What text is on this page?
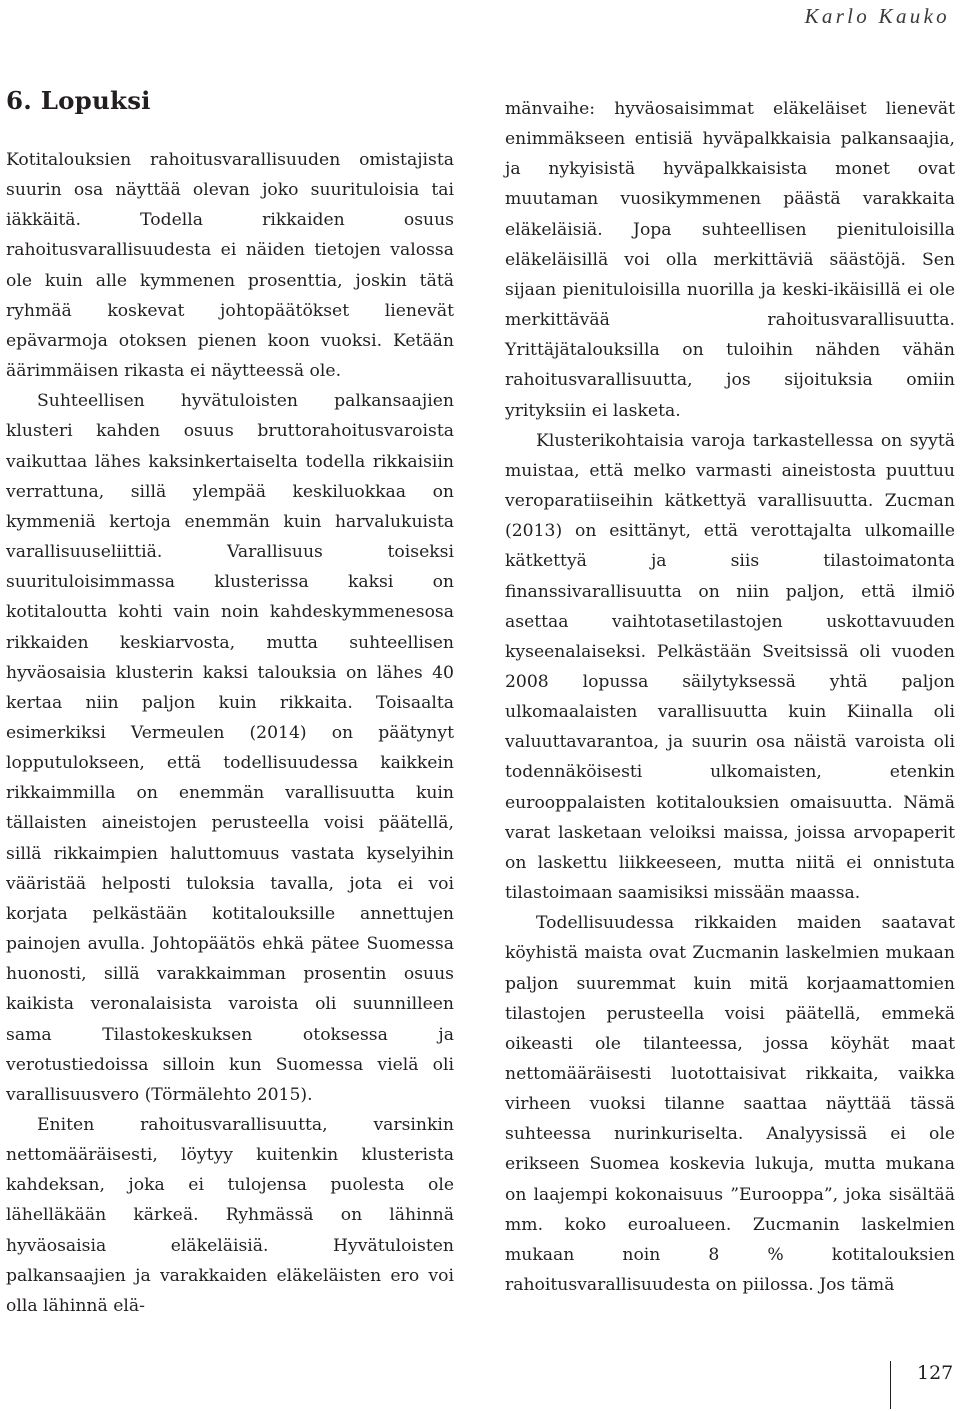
Karlo Kauko
6. Lopuksi

Kotitalouksien rahoitusvarallisuuden omistajista suurin osa näyttää olevan joko suurituloisia tai iäkkäitä. Todella rikkaiden osuus rahoitusvarallisuudesta ei näiden tietojen valossa ole kuin alle kymmenen prosenttia, joskin tätä ryhmää koskevat johtopäätökset lienevät epävarmoja otoksen pienen koon vuoksi. Ketään äärimmäisen rikasta ei näytteessä ole.

Suhteellisen hyvätuloisten palkansaajien klusteri kahden osuus bruttorahoitusvaroista vaikuttaa lähes kaksinkertaiselta todella rikkaisiin verrattuna, sillä ylempää keskiluokkaa on kymmeniä kertoja enemmän kuin harvalukuista varallisuuseliittiä. Varallisuus toiseksi suurituloisimmassa klusterissa kaksi on kotitaloutta kohti vain noin kahdeskymmenesosa rikkaiden keskiarvosta, mutta suhteellisen hyväosaisia klusterin kaksi talouksia on lähes 40 kertaa niin paljon kuin rikkaita. Toisaalta esimerkiksi Vermeulen (2014) on päätynyt lopputulokseen, että todellisuudessa kaikkein rikkaimmilla on enemmän varallisuutta kuin tällaisten aineistojen perusteella voisi päätellä, sillä rikkaimpien haluttomuus vastata kyselyihin vääristää helposti tuloksia tavalla, jota ei voi korjata pelkästään kotitalouksille annettujen painojen avulla. Johtopäätös ehkä pätee Suomessa huonosti, sillä varakkaimman prosentin osuus kaikista veronalaisista varoista oli suunnilleen sama Tilastokeskuksen otoksessa ja verotustiedoissa silloin kun Suomessa vielä oli varallisuusvero (Törmälehto 2015).

Eniten rahoitusvarallisuutta, varsinkin nettomääräisesti, löytyy kuitenkin klusterista kahdeksan, joka ei tulojensa puolesta ole lähelläkään kärkeä. Ryhmässä on lähinnä hyväosaisia eläkeläisiä. Hyvätuloisten palkansaajien ja varakkaiden eläkeläisten ero voi olla lähinnä elä-

mänvaihe: hyväosaisimmat eläkeläiset lienevät enimmäkseen entisiä hyväpalkkaisia palkansaajia, ja nykyisistä hyväpalkkaisista monet ovat muutaman vuosikymmenen päästä varakkaita eläkeläisiä. Jopa suhteellisen pienituloisilla eläkeläisillä voi olla merkittäviä säästöjä. Sen sijaan pienituloisilla nuorilla ja keski-ikäisillä ei ole merkittävää rahoitusvarallisuutta. Yrittäjätalouksilla on tuloihin nähden vähän rahoitusvarallisuutta, jos sijoituksia omiin yrityksiin ei lasketa.

Klusterikohtaisia varoja tarkastellessa on syytä muistaa, että melko varmasti aineistosta puuttuu veroparatiiseihin kätkettyä varallisuutta. Zucman (2013) on esittänyt, että verottajalta ulkomaille kätkettyä ja siis tilastoimatonta finanssivarallisuutta on niin paljon, että ilmiö asettaa vaihtotasetilastojen uskottavuuden kyseenalaiseksi. Pelkästään Sveitsissä oli vuoden 2008 lopussa säilytyksessä yhtä paljon ulkomaalaisten varallisuutta kuin Kiinalla oli valuuttavarantoa, ja suurin osa näistä varoista oli todennäköisesti ulkomaisten, etenkin eurooppalaisten kotitalouksien omaisuutta. Nämä varat lasketaan veloiksi maissa, joissa arvopaperit on laskettu liikkeeseen, mutta niitä ei onnistuta tilastoimaan saamisiksi missään maassa.

Todellisuudessa rikkaiden maiden saatavat köyhistä maista ovat Zucmanin laskelmien mukaan paljon suuremmat kuin mitä korjaamattomien tilastojen perusteella voisi päätellä, emmekä oikeasti ole tilanteessa, jossa köyhät maat nettomääräisesti luotottaisivat rikkaita, vaikka virheen vuoksi tilanne saattaa näyttää tässä suhteessa nurinkuriselta. Analyysissä ei ole erikseen Suomea koskevia lukuja, mutta mukana on laajempi kokonaisuus ”Eurooppa”, joka sisältää mm. koko euroalueen. Zucmanin laskelmien mukaan noin 8 % kotitalouksien rahoitusvarallisuudesta on piilossa. Jos tämä

127
